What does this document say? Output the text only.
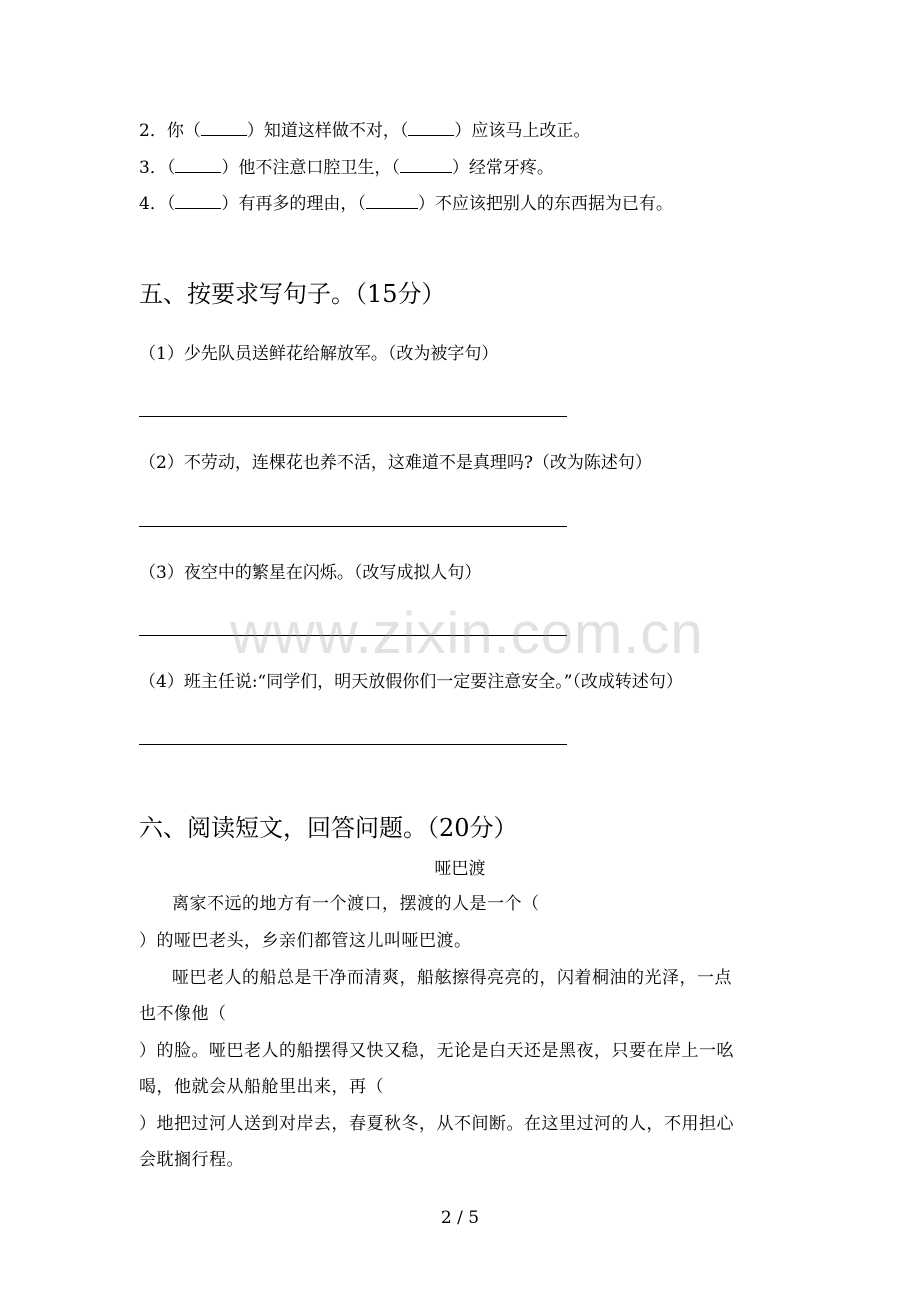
2．你（	）知道这样做不对，（	）应该马上改正。
3．（	）他不注意口腔卫生，（	）经常牙疼。
4．（	）有再多的理由，（	）不应该把别人的东西据为已有。
五、按要求写句子。（15分）
（1）少先队员送鲜花给解放军。（改为被字句）
（2）不劳动，连棵花也养不活，这难道不是真理吗?（改为陈述句）
（3）夜空中的繁星在闪烁。（改写成拟人句）
（4）班主任说:“同学们，明天放假你们一定要注意安全。”（改成转述句）
六、阅读短文，回答问题。（20分）
哑巴渡
离家不远的地方有一个渡口，摆渡的人是一个（
）的哑巴老头，乡亲们都管这儿叫哑巴渡。
哑巴老人的船总是干净而清爽，船舷擦得亮亮的，闪着桐油的光泽，一点
也不像他（
）的脸。哑巴老人的船摆得又快又稳，无论是白天还是黑夜，只要在岸上一吆
喝，他就会从船舱里出来，再（
）地把过河人送到对岸去，春夏秋冬，从不间断。在这里过河的人，不用担心
会耽搁行程。
www.zixin.com.cn
2 / 5
